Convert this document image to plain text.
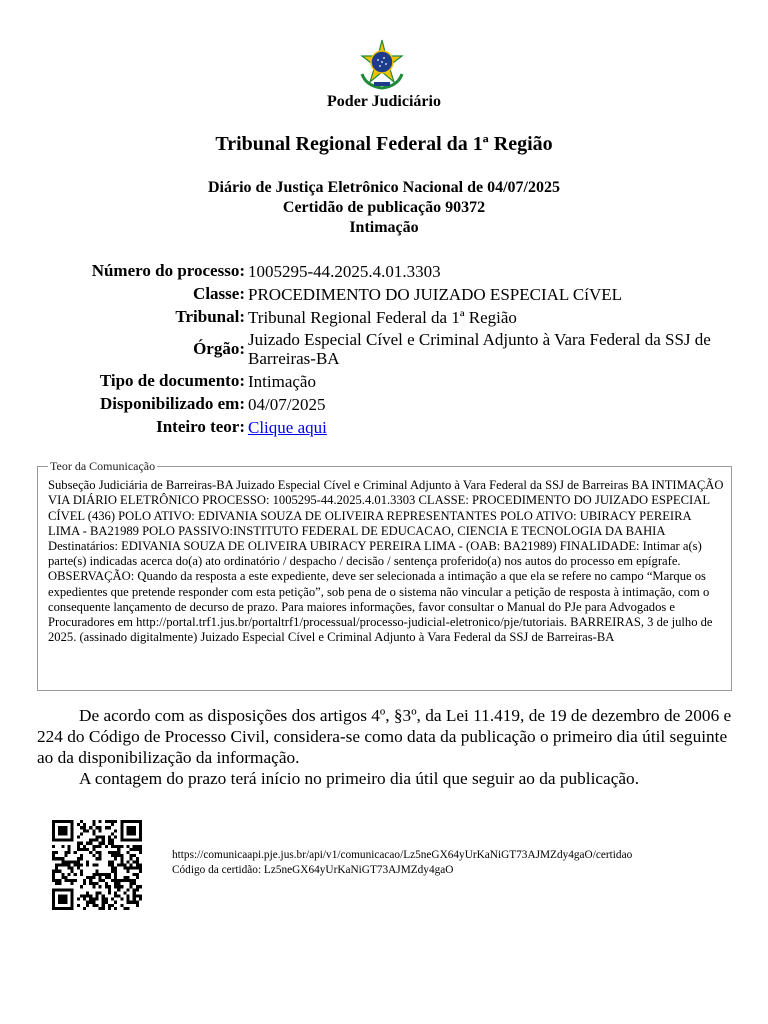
Poder Judiciário
Tribunal Regional Federal da 1ª Região
Diário de Justiça Eletrônico Nacional de 04/07/2025
Certidão de publicação 90372
Intimação
Número do processo: 1005295-44.2025.4.01.3303
Classe: PROCEDIMENTO DO JUIZADO ESPECIAL CíVEL
Tribunal: Tribunal Regional Federal da 1ª Região
Órgão: Juizado Especial Cível e Criminal Adjunto à Vara Federal da SSJ de Barreiras-BA
Tipo de documento: Intimação
Disponibilizado em: 04/07/2025
Inteiro teor: Clique aqui
Teor da Comunicação
Subseção Judiciária de Barreiras-BA Juizado Especial Cível e Criminal Adjunto à Vara Federal da SSJ de Barreiras BA INTIMAÇÃO VIA DIÁRIO ELETRÔNICO PROCESSO: 1005295-44.2025.4.01.3303 CLASSE: PROCEDIMENTO DO JUIZADO ESPECIAL CÍVEL (436) POLO ATIVO: EDIVANIA SOUZA DE OLIVEIRA REPRESENTANTES POLO ATIVO: UBIRACY PEREIRA LIMA - BA21989 POLO PASSIVO:INSTITUTO FEDERAL DE EDUCACAO, CIENCIA E TECNOLOGIA DA BAHIA Destinatários: EDIVANIA SOUZA DE OLIVEIRA UBIRACY PEREIRA LIMA - (OAB: BA21989) FINALIDADE: Intimar a(s) parte(s) indicadas acerca do(a) ato ordinatório / despacho / decisão / sentença proferido(a) nos autos do processo em epígrafe. OBSERVAÇÃO: Quando da resposta a este expediente, deve ser selecionada a intimação a que ela se refere no campo “Marque os expedientes que pretende responder com esta petição”, sob pena de o sistema não vincular a petição de resposta à intimação, com o consequente lançamento de decurso de prazo. Para maiores informações, favor consultar o Manual do PJe para Advogados e Procuradores em http://portal.trf1.jus.br/portaltrf1/processual/processo-judicial-eletronico/pje/tutoriais. BARREIRAS, 3 de julho de 2025. (assinado digitalmente) Juizado Especial Cível e Criminal Adjunto à Vara Federal da SSJ de Barreiras-BA

De acordo com as disposições dos artigos 4º, §3º, da Lei 11.419, de 19 de dezembro de 2006 e 224 do Código de Processo Civil, considera-se como data da publicação o primeiro dia útil seguinte ao da disponibilização da informação.

A contagem do prazo terá início no primeiro dia útil que seguir ao da publicação.

https://comunicaapi.pje.jus.br/api/v1/comunicacao/Lz5neGX64yUrKaNiGT73AJMZdy4gaO/certidao
Código da certidão: Lz5neGX64yUrKaNiGT73AJMZdy4gaO
